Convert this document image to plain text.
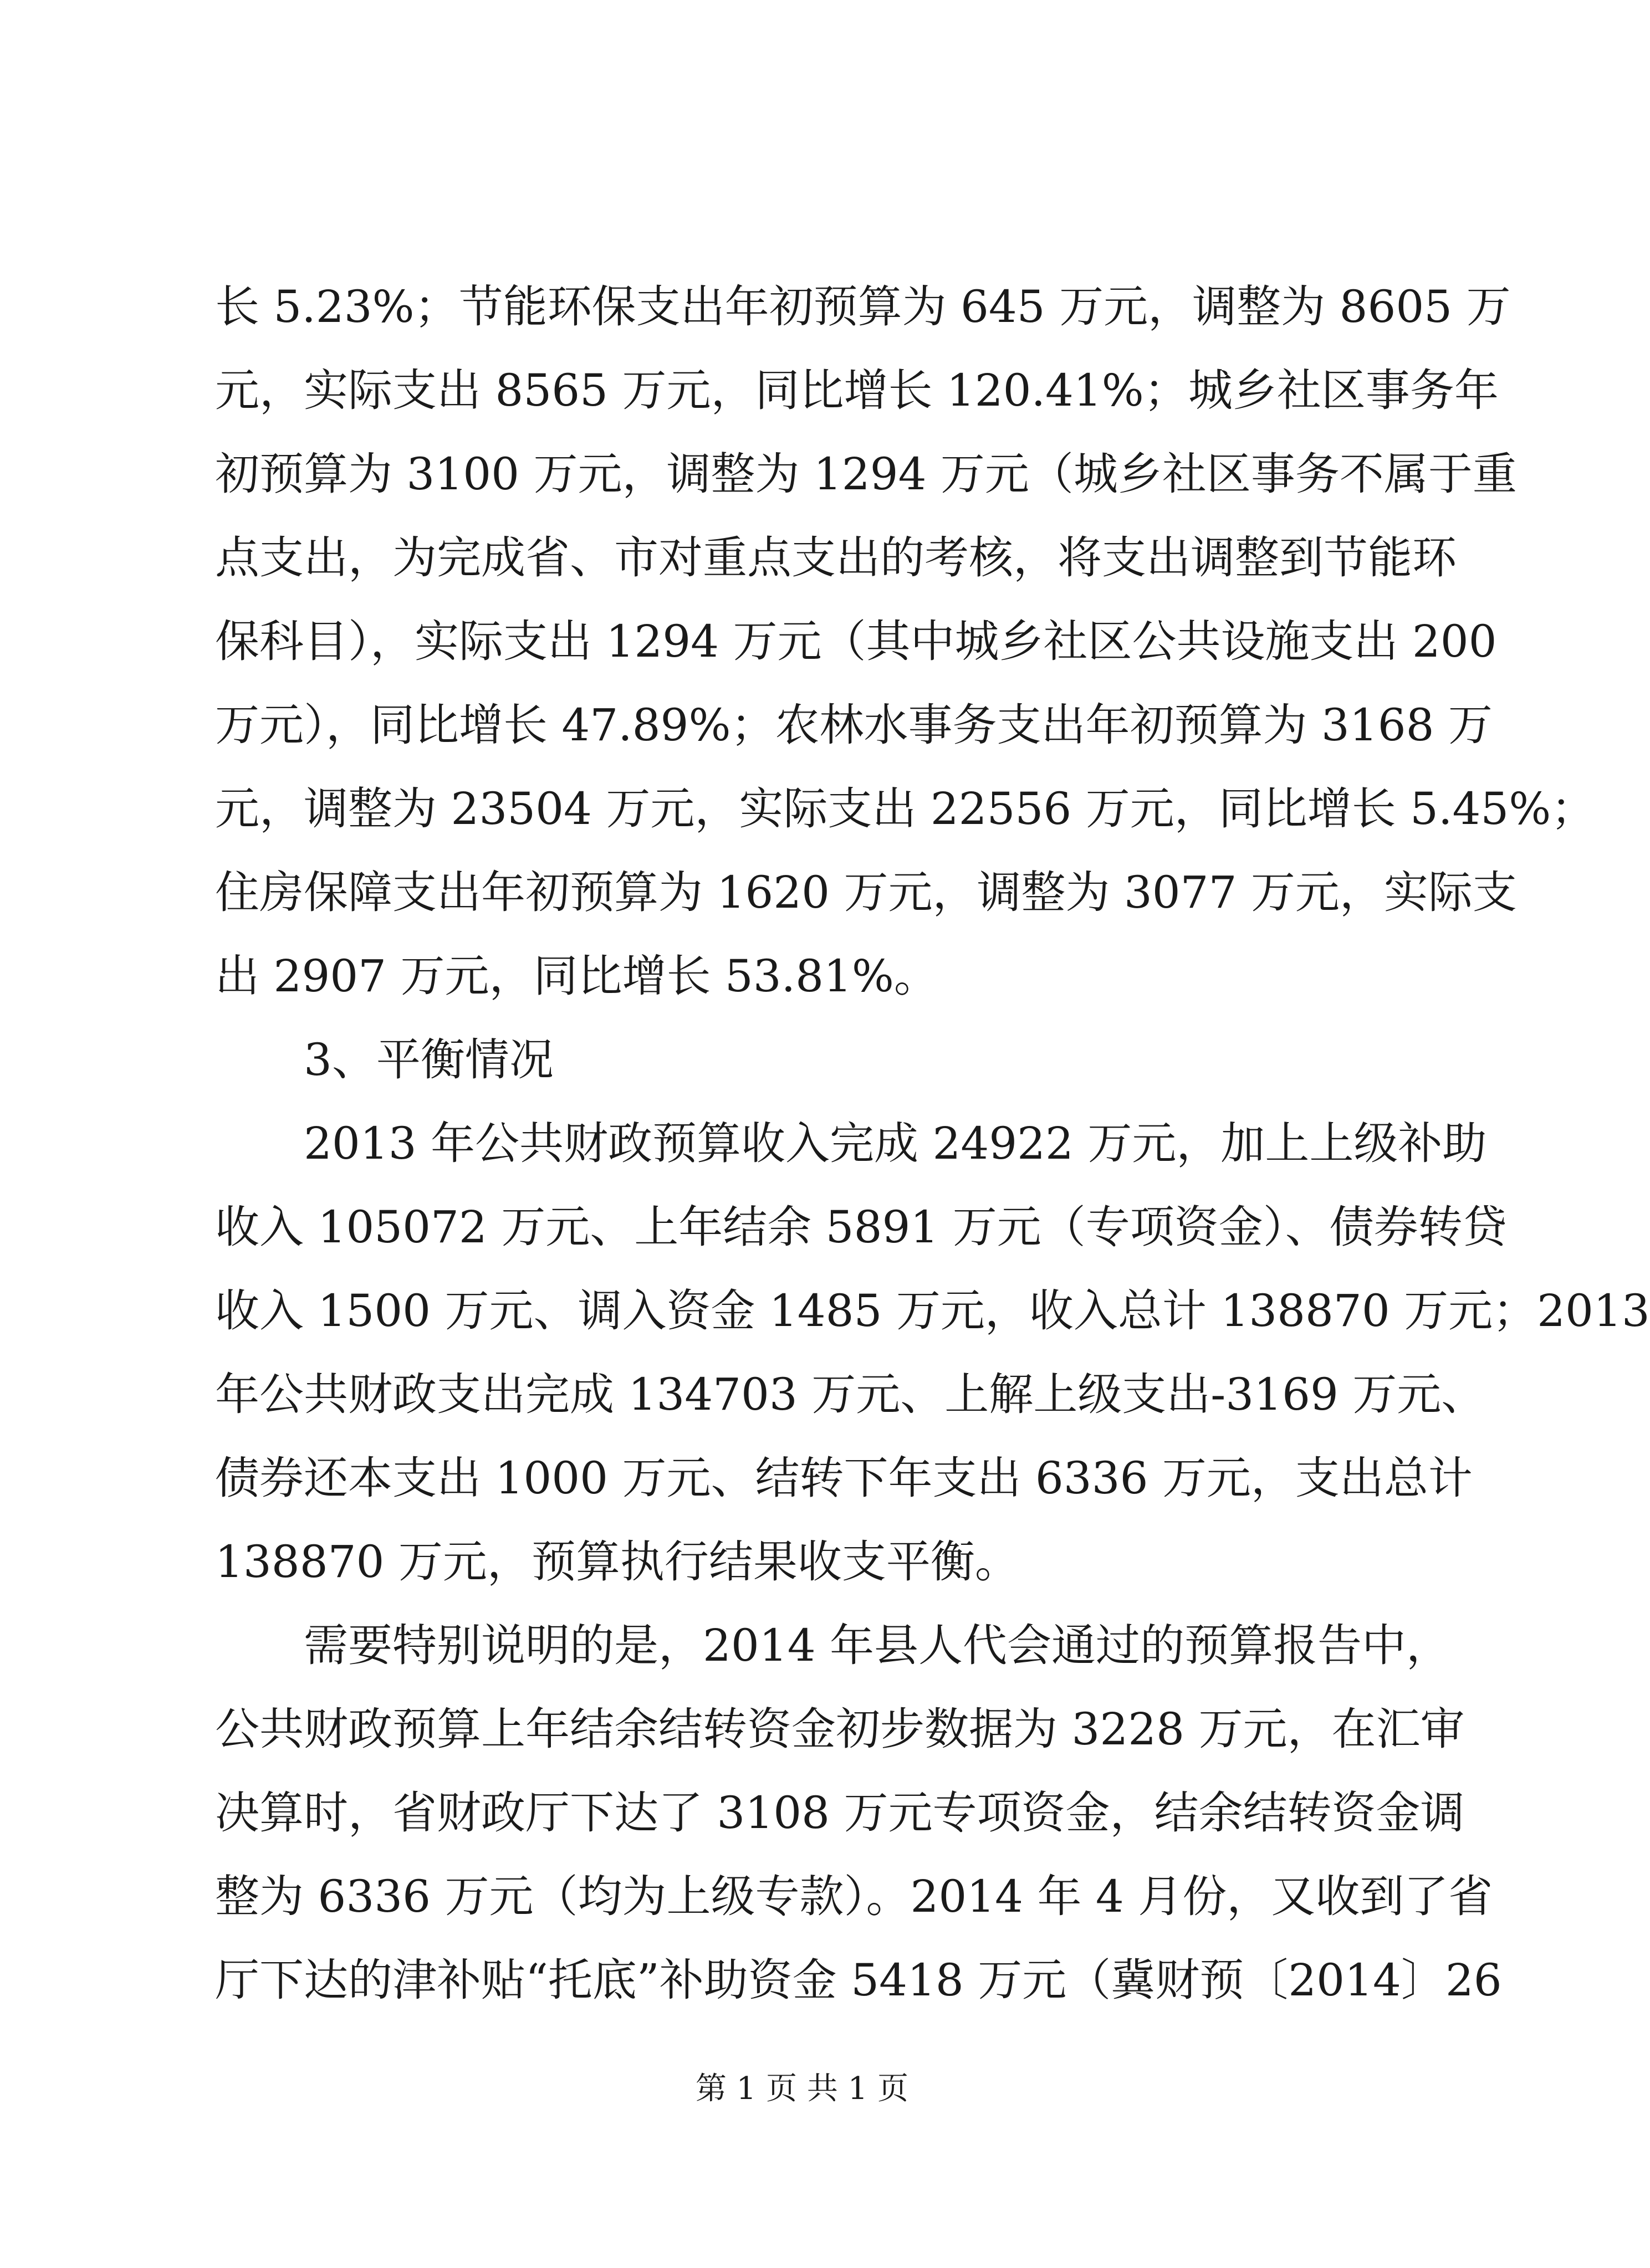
长 5.23%；节能环保支出年初预算为 645 万元，调整为 8605 万
元，实际支出 8565 万元，同比增长 120.41%；城乡社区事务年
初预算为 3100 万元，调整为 1294 万元（城乡社区事务不属于重
点支出，为完成省、市对重点支出的考核，将支出调整到节能环
保科目），实际支出 1294 万元（其中城乡社区公共设施支出 200
万元），同比增长 47.89%；农林水事务支出年初预算为 3168 万
元，调整为 23504 万元，实际支出 22556 万元，同比增长 5.45%；
住房保障支出年初预算为 1620 万元，调整为 3077 万元，实际支
出 2907 万元，同比增长 53.81%。
3、平衡情况
2013 年公共财政预算收入完成 24922 万元，加上上级补助
收入 105072 万元、上年结余 5891 万元（专项资金）、债券转贷
收入 1500 万元、调入资金 1485 万元，收入总计 138870 万元；2013
年公共财政支出完成 134703 万元、上解上级支出-3169 万元、
债券还本支出 1000 万元、结转下年支出 6336 万元，支出总计
138870 万元，预算执行结果收支平衡。
需要特别说明的是，2014 年县人代会通过的预算报告中，
公共财政预算上年结余结转资金初步数据为 3228 万元，在汇审
决算时，省财政厅下达了 3108 万元专项资金，结余结转资金调
整为 6336 万元（均为上级专款）。2014 年 4 月份，又收到了省
厅下达的津补贴“托底”补助资金 5418 万元（冀财预〔2014〕26
第 1 页 共 1 页
